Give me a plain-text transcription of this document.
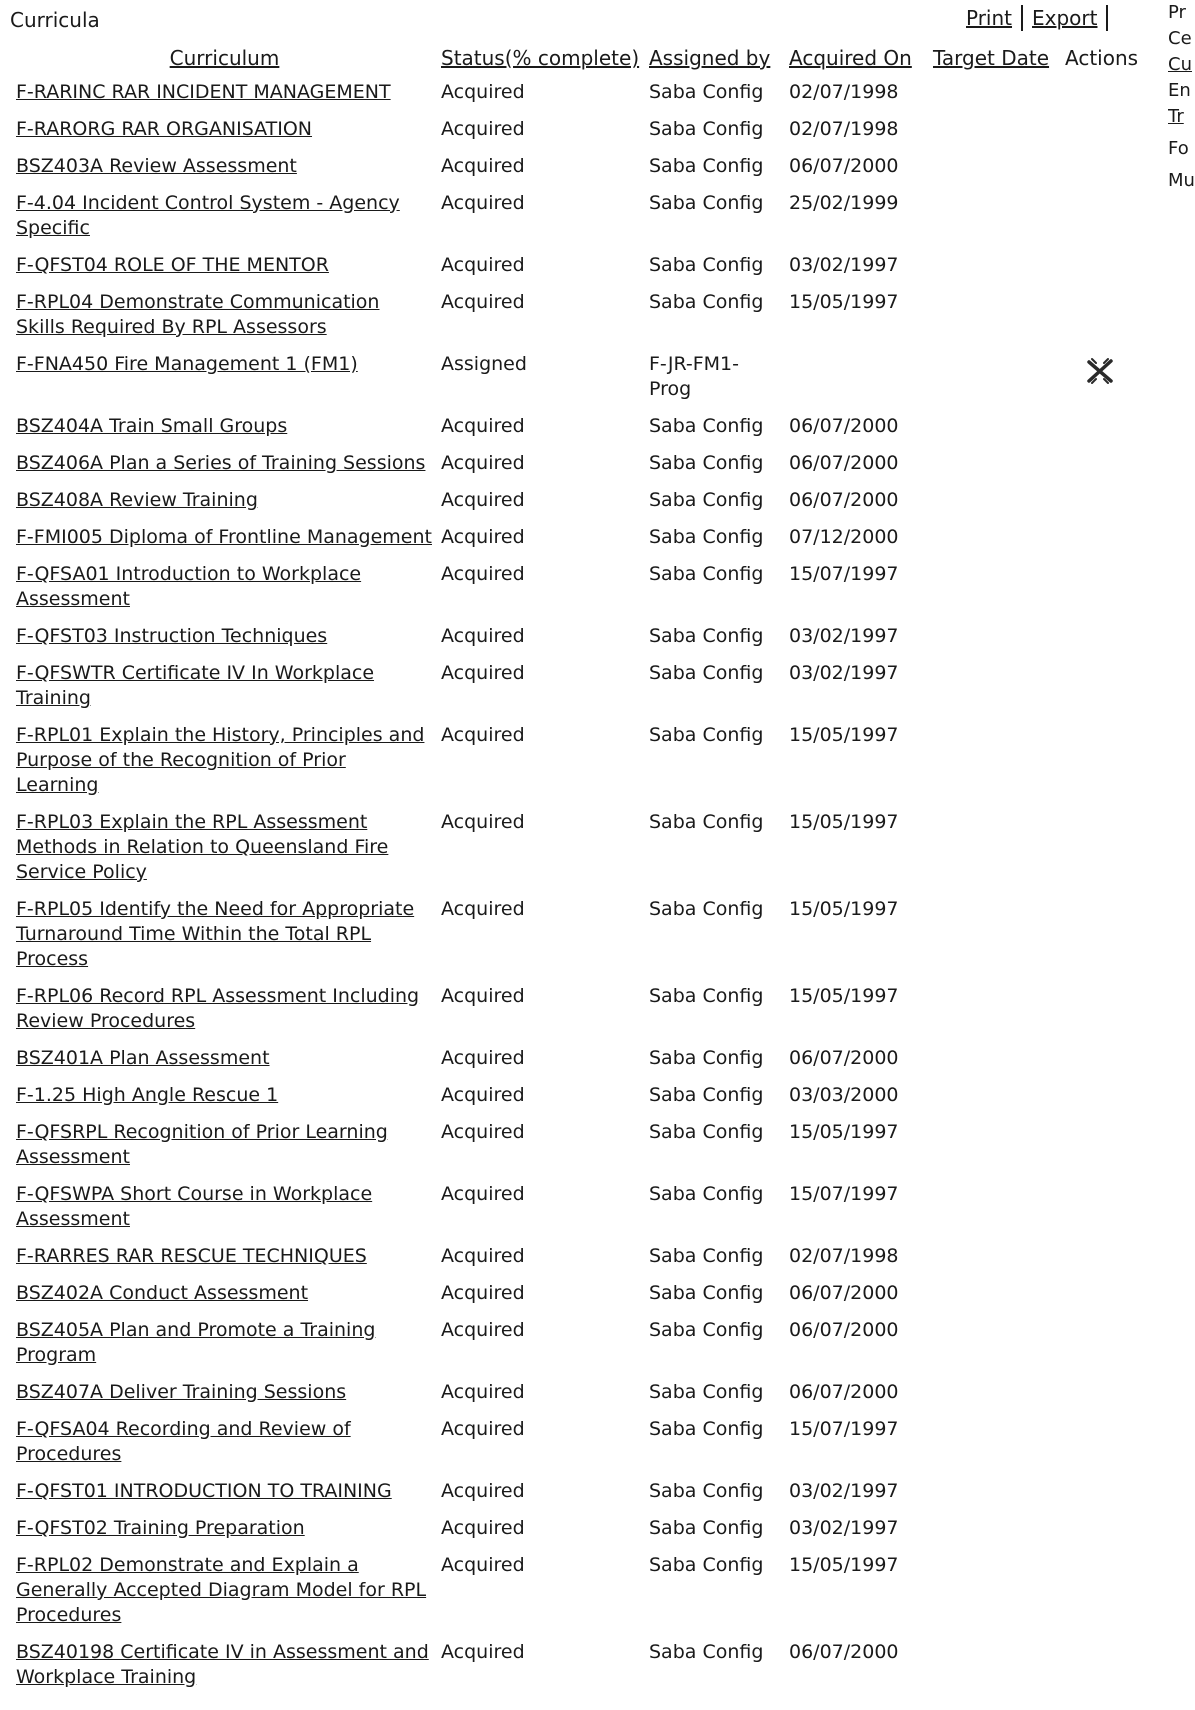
Curricula	Print Export	Pr
Ce
Cu
En
Tr
Fo
Mu
Curriculum	Status(% complete)	Assigned by	Acquired On	Target Date	Actions
F-RARINC RAR INCIDENT MANAGEMENT	Acquired	Saba Config	02/07/1998		
F-RARORG RAR ORGANISATION	Acquired	Saba Config	02/07/1998		
BSZ403A Review Assessment	Acquired	Saba Config	06/07/2000		
F-4.04 Incident Control System - Agency Specific	Acquired	Saba Config	25/02/1999		
F-QFST04 ROLE OF THE MENTOR	Acquired	Saba Config	03/02/1997		
F-RPL04 Demonstrate Communication Skills Required By RPL Assessors	Acquired	Saba Config	15/05/1997		
F-FNA450 Fire Management 1 (FM1)	Assigned	F-JR-FM1-Prog			
BSZ404A Train Small Groups	Acquired	Saba Config	06/07/2000		
BSZ406A Plan a Series of Training Sessions	Acquired	Saba Config	06/07/2000		
BSZ408A Review Training	Acquired	Saba Config	06/07/2000		
F-FMI005 Diploma of Frontline Management	Acquired	Saba Config	07/12/2000		
F-QFSA01 Introduction to Workplace Assessment	Acquired	Saba Config	15/07/1997		
F-QFST03 Instruction Techniques	Acquired	Saba Config	03/02/1997		
F-QFSWTR Certificate IV In Workplace Training	Acquired	Saba Config	03/02/1997		
F-RPL01 Explain the History, Principles and Purpose of the Recognition of Prior Learning	Acquired	Saba Config	15/05/1997		
F-RPL03 Explain the RPL Assessment Methods in Relation to Queensland Fire Service Policy	Acquired	Saba Config	15/05/1997		
F-RPL05 Identify the Need for Appropriate Turnaround Time Within the Total RPL Process	Acquired	Saba Config	15/05/1997		
F-RPL06 Record RPL Assessment Including Review Procedures	Acquired	Saba Config	15/05/1997		
BSZ401A Plan Assessment	Acquired	Saba Config	06/07/2000		
F-1.25 High Angle Rescue 1	Acquired	Saba Config	03/03/2000		
F-QFSRPL Recognition of Prior Learning Assessment	Acquired	Saba Config	15/05/1997		
F-QFSWPA Short Course in Workplace Assessment	Acquired	Saba Config	15/07/1997		
F-RARRES RAR RESCUE TECHNIQUES	Acquired	Saba Config	02/07/1998		
BSZ402A Conduct Assessment	Acquired	Saba Config	06/07/2000		
BSZ405A Plan and Promote a Training Program	Acquired	Saba Config	06/07/2000		
BSZ407A Deliver Training Sessions	Acquired	Saba Config	06/07/2000		
F-QFSA04 Recording and Review of Procedures	Acquired	Saba Config	15/07/1997		
F-QFST01 INTRODUCTION TO TRAINING	Acquired	Saba Config	03/02/1997		
F-QFST02 Training Preparation	Acquired	Saba Config	03/02/1997		
F-RPL02 Demonstrate and Explain a Generally Accepted Diagram Model for RPL Procedures	Acquired	Saba Config	15/05/1997		
BSZ40198 Certificate IV in Assessment and Workplace Training	Acquired	Saba Config	06/07/2000		
